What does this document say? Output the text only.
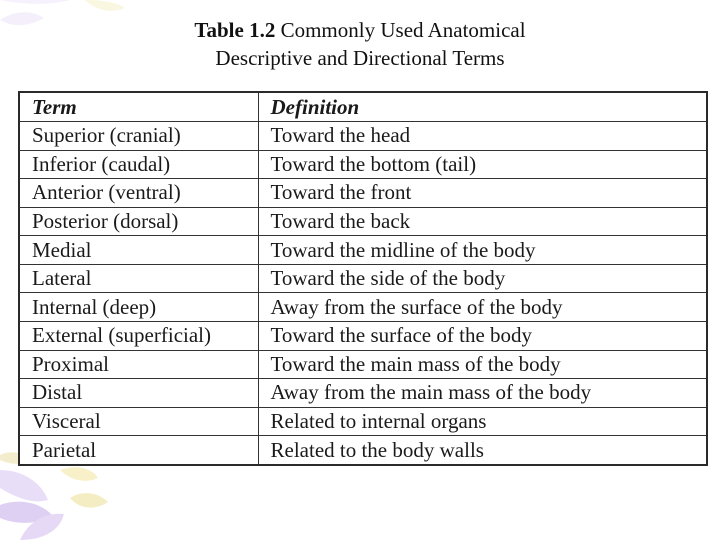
Table 1.2 Commonly Used Anatomical
Descriptive and Directional Terms
Term	Definition
Superior (cranial)	Toward the head
Inferior (caudal)	Toward the bottom (tail)
Anterior (ventral)	Toward the front
Posterior (dorsal)	Toward the back
Medial	Toward the midline of the body
Lateral	Toward the side of the body
Internal (deep)	Away from the surface of the body
External (superficial)	Toward the surface of the body
Proximal	Toward the main mass of the body
Distal	Away from the main mass of the body
Visceral	Related to internal organs
Parietal	Related to the body walls
